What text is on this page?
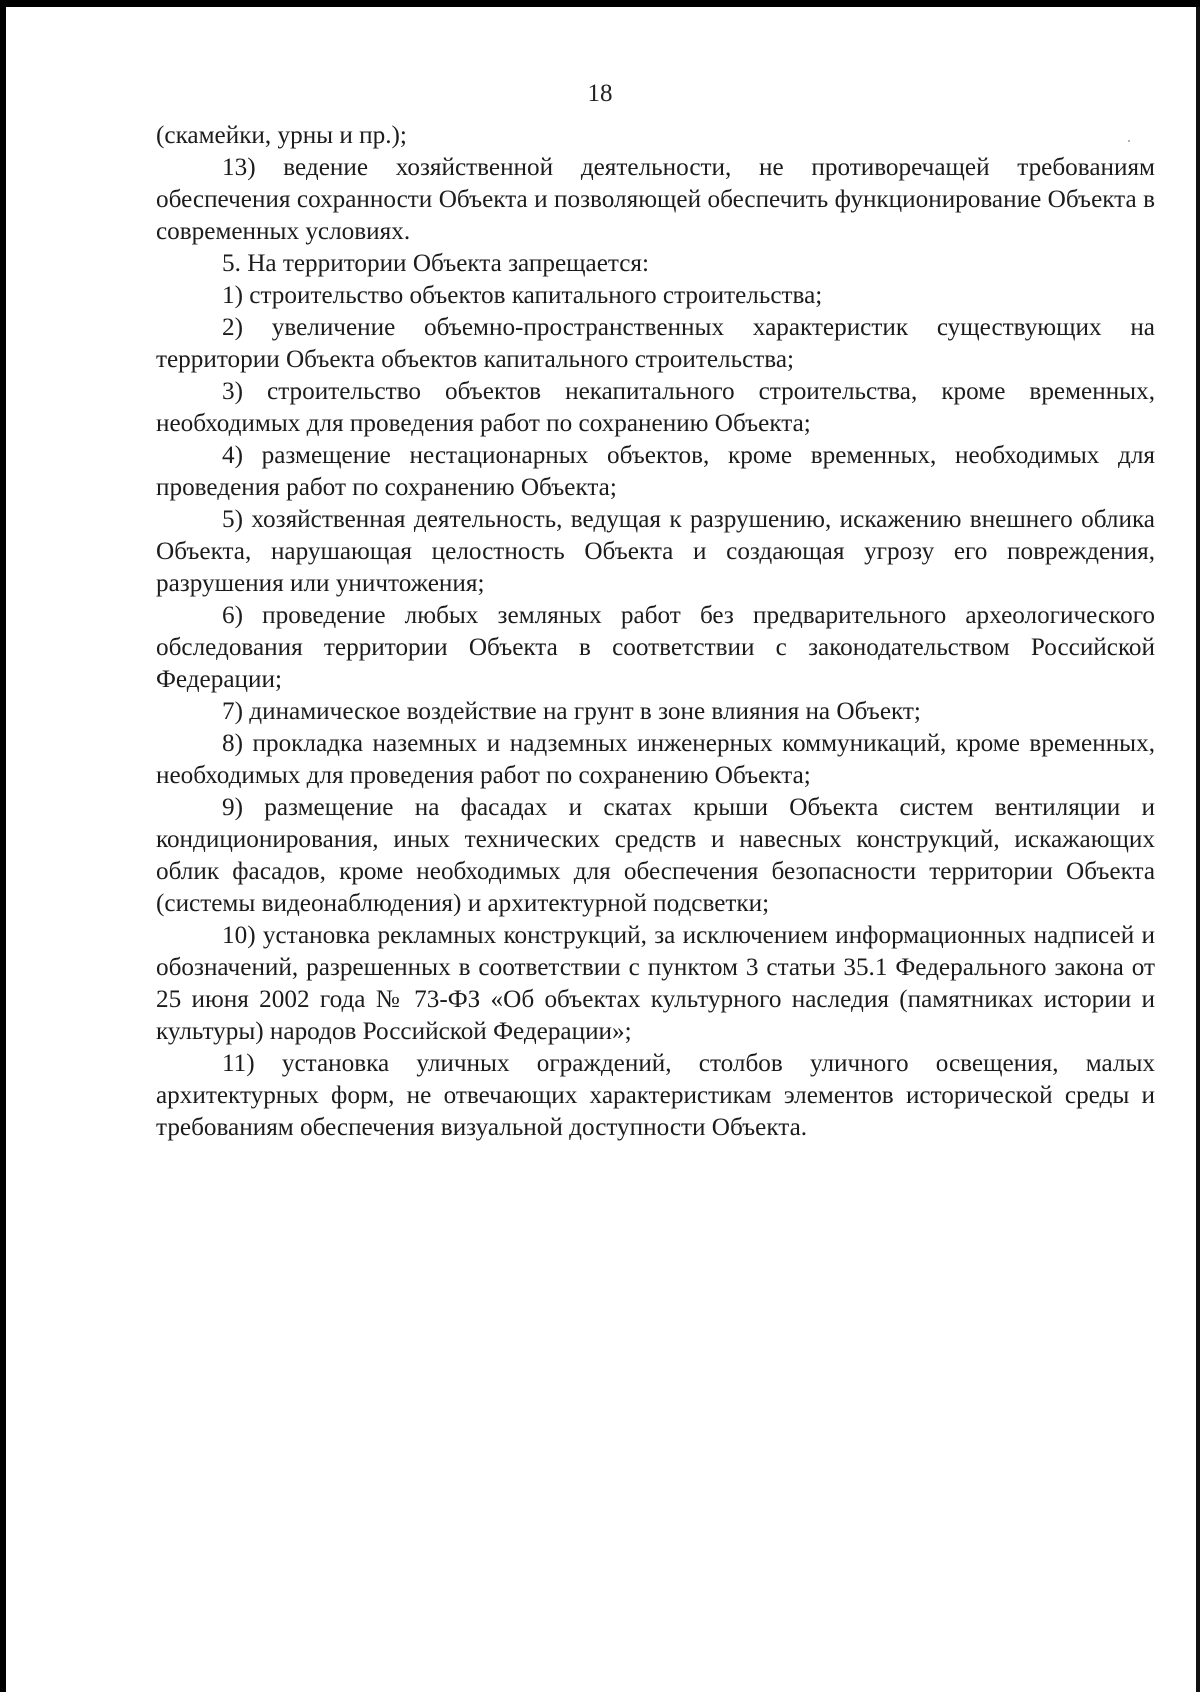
18

(скамейки, урны и пр.);

13) ведение хозяйственной деятельности, не противоречащей требованиям обеспечения сохранности Объекта и позволяющей обеспечить функционирование Объекта в современных условиях.

5. На территории Объекта запрещается:

1) строительство объектов капитального строительства;

2) увеличение объемно-пространственных характеристик существующих на территории Объекта объектов капитального строительства;

3) строительство объектов некапитального строительства, кроме временных, необходимых для проведения работ по сохранению Объекта;

4) размещение нестационарных объектов, кроме временных, необходимых для проведения работ по сохранению Объекта;

5) хозяйственная деятельность, ведущая к разрушению, искажению внешнего облика Объекта, нарушающая целостность Объекта и создающая угрозу его повреждения, разрушения или уничтожения;

6) проведение любых земляных работ без предварительного археологического обследования территории Объекта в соответствии с законодательством Российской Федерации;

7) динамическое воздействие на грунт в зоне влияния на Объект;

8) прокладка наземных и надземных инженерных коммуникаций, кроме временных, необходимых для проведения работ по сохранению Объекта;

9) размещение на фасадах и скатах крыши Объекта систем вентиляции и кондиционирования, иных технических средств и навесных конструкций, искажающих облик фасадов, кроме необходимых для обеспечения безопасности территории Объекта (системы видеонаблюдения) и архитектурной подсветки;

10) установка рекламных конструкций, за исключением информационных надписей и обозначений, разрешенных в соответствии с пунктом 3 статьи 35.1 Федерального закона от 25 июня 2002 года № 73-ФЗ «Об объектах культурного наследия (памятниках истории и культуры) народов Российской Федерации»;

11) установка уличных ограждений, столбов уличного освещения, малых архитектурных форм, не отвечающих характеристикам элементов исторической среды и требованиям обеспечения визуальной доступности Объекта.
